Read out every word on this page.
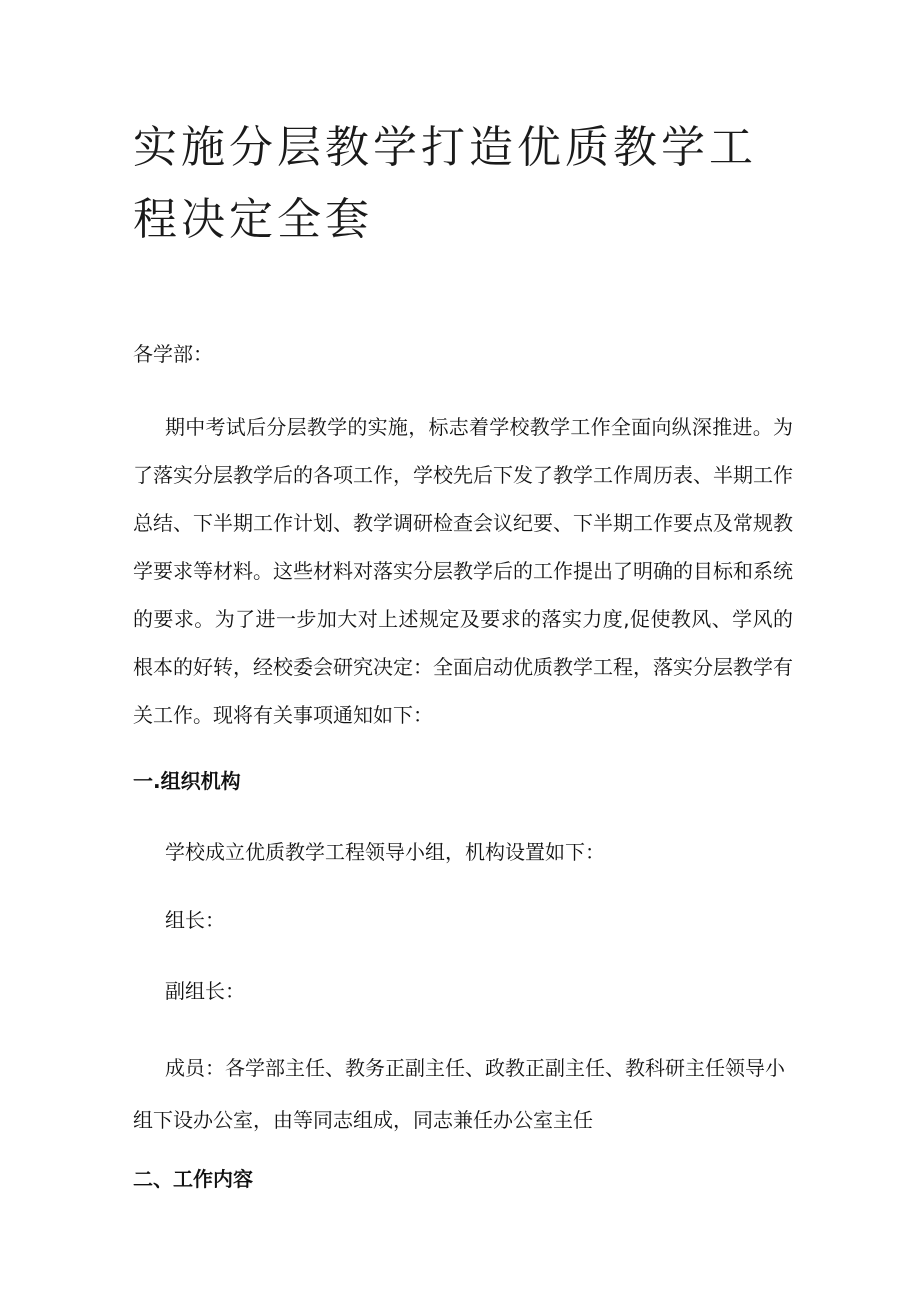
实施分层教学打造优质教学工程决定全套

各学部：

期中考试后分层教学的实施，标志着学校教学工作全面向纵深推进。为了落实分层教学后的各项工作，学校先后下发了教学工作周历表、半期工作总结、下半期工作计划、教学调研检查会议纪要、下半期工作要点及常规教学要求等材料。这些材料对落实分层教学后的工作提出了明确的目标和系统的要求。为了进一步加大对上述规定及要求的落实力度,促使教风、学风的根本的好转，经校委会研究决定：全面启动优质教学工程，落实分层教学有关工作。现将有关事项通知如下：

一.组织机构

学校成立优质教学工程领导小组，机构设置如下：

组长：

副组长：

成员：各学部主任、教务正副主任、政教正副主任、教科研主任领导小组下设办公室，由等同志组成，同志兼任办公室主任

二、工作内容
